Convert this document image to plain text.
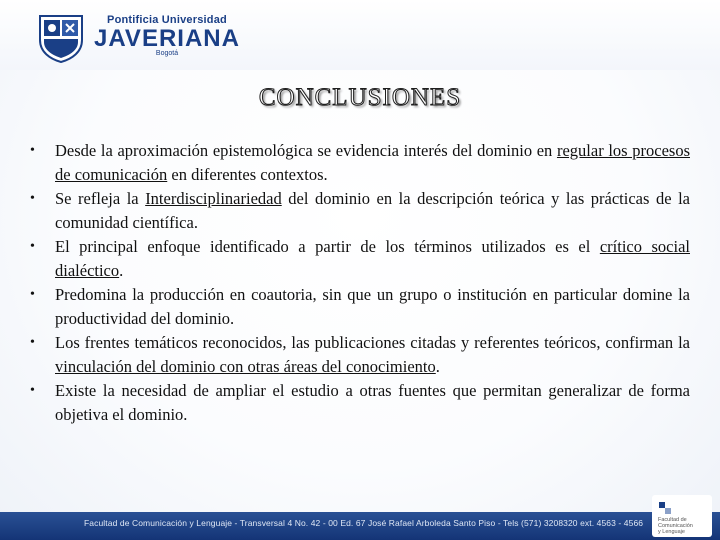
Pontificia Universidad
JAVERIANA
Bogotá
CONCLUSIONES
•	Desde la aproximación epistemológica se evidencia interés del dominio en regular los procesos de comunicación en diferentes contextos.
•	Se refleja la Interdisciplinariedad del dominio en la descripción teórica y las prácticas de la comunidad científica.
•	El principal enfoque identificado a partir de los términos utilizados es el crítico social dialéctico.
•	Predomina la producción en coautoria, sin que un grupo o institución en particular domine la productividad del dominio.
•	Los frentes temáticos reconocidos, las publicaciones citadas y referentes teóricos, confirman la vinculación del dominio con otras áreas del conocimiento.
•	Existe la necesidad de ampliar el estudio a otras fuentes que permitan generalizar de forma objetiva el dominio.
Facultad de Comunicación y Lenguaje - Transversal 4 No. 42 - 00 Ed. 67 José Rafael Arboleda Santo Piso - Tels (571) 3208320 ext. 4563 - 4566	Facultad de
Comunicación
y Lenguaje
